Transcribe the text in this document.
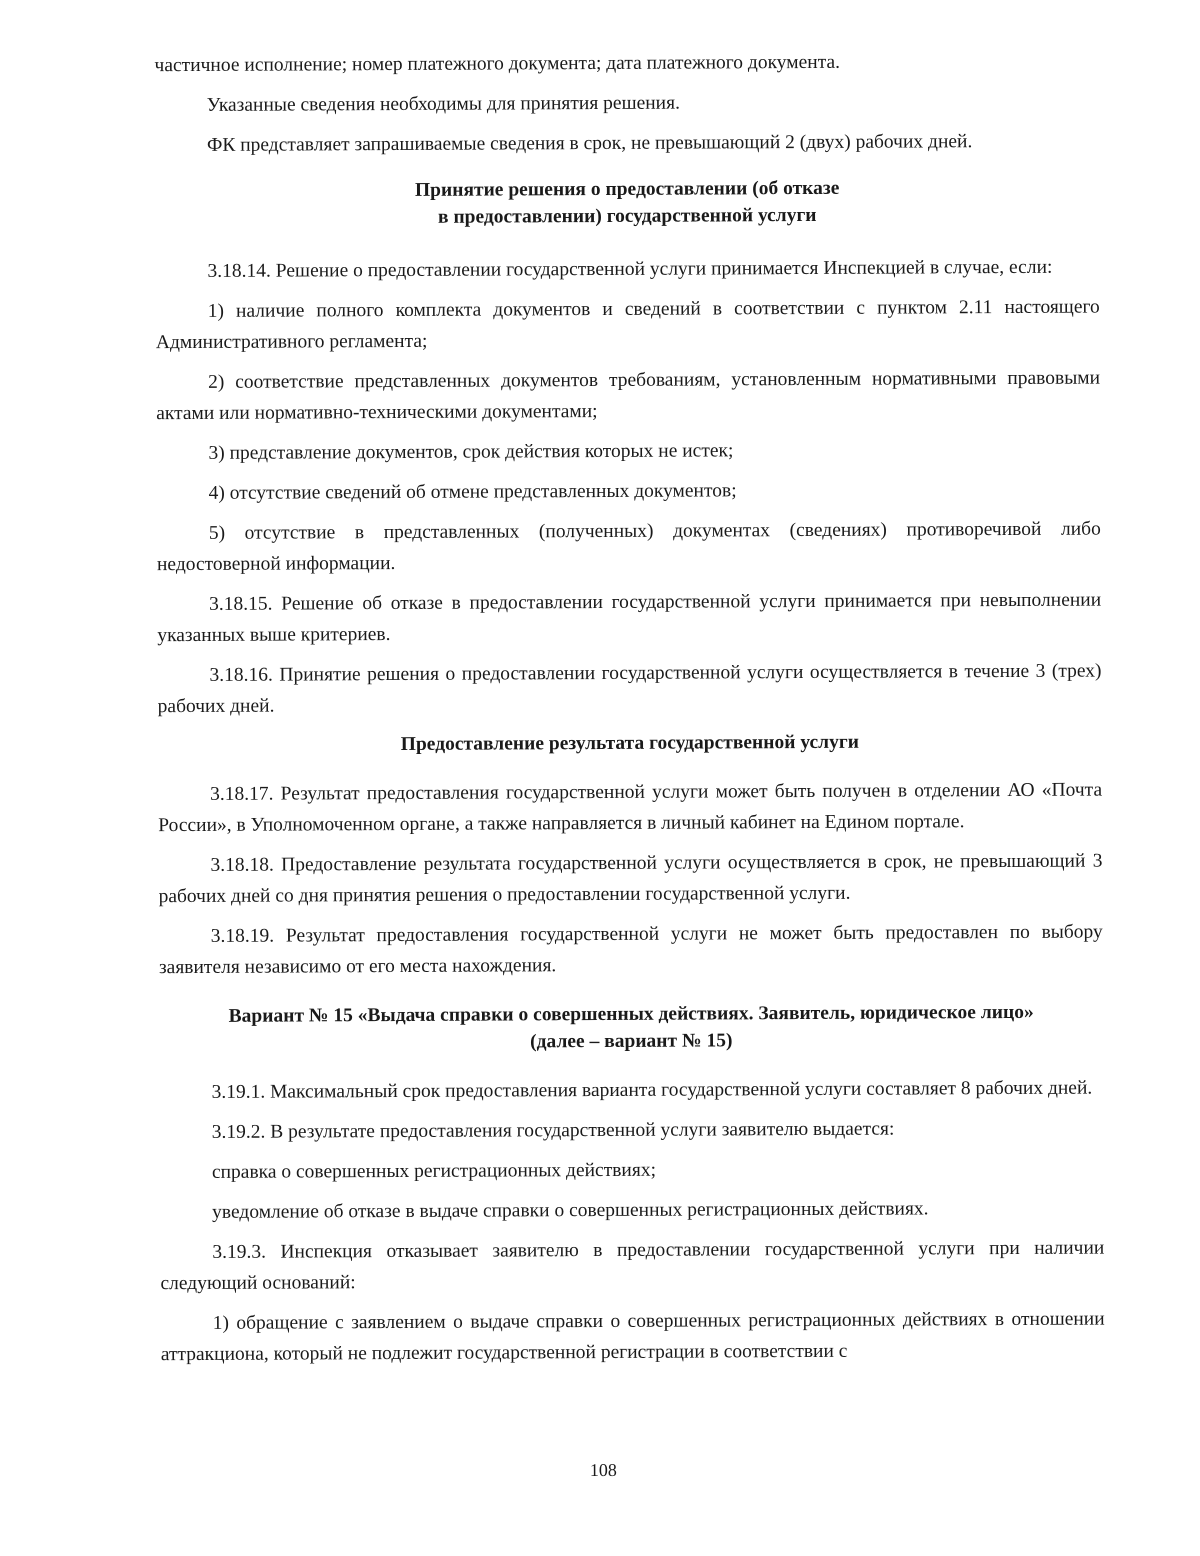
частичное исполнение; номер платежного документа; дата платежного документа.

Указанные сведения необходимы для принятия решения.

ФК представляет запрашиваемые сведения в срок, не превышающий 2 (двух) рабочих дней.

Принятие решения о предоставлении (об отказе
в предоставлении) государственной услуги

3.18.14. Решение о предоставлении государственной услуги принимается Инспекцией в случае, если:

1) наличие полного комплекта документов и сведений в соответствии с пунктом 2.11 настоящего Административного регламента;

2) соответствие представленных документов требованиям, установленным нормативными правовыми актами или нормативно-техническими документами;

3) представление документов, срок действия которых не истек;

4) отсутствие сведений об отмене представленных документов;

5) отсутствие в представленных (полученных) документах (сведениях) противоречивой либо недостоверной информации.

3.18.15. Решение об отказе в предоставлении государственной услуги принимается при невыполнении указанных выше критериев.

3.18.16. Принятие решения о предоставлении государственной услуги осуществляется в течение 3 (трех) рабочих дней.

Предоставление результата государственной услуги

3.18.17. Результат предоставления государственной услуги может быть получен в отделении АО «Почта России», в Уполномоченном органе, а также направляется в личный кабинет на Едином портале.

3.18.18. Предоставление результата государственной услуги осуществляется в срок, не превышающий 3 рабочих дней со дня принятия решения о предоставлении государственной услуги.

3.18.19. Результат предоставления государственной услуги не может быть предоставлен по выбору заявителя независимо от его места нахождения.

Вариант № 15 «Выдача справки о совершенных действиях. Заявитель, юридическое лицо»
(далее – вариант № 15)

3.19.1. Максимальный срок предоставления варианта государственной услуги составляет 8 рабочих дней.

3.19.2. В результате предоставления государственной услуги заявителю выдается:

справка о совершенных регистрационных действиях;

уведомление об отказе в выдаче справки о совершенных регистрационных действиях.

3.19.3. Инспекция отказывает заявителю в предоставлении государственной услуги при наличии следующий оснований:

1) обращение с заявлением о выдаче справки о совершенных регистрационных действиях в отношении аттракциона, который не подлежит государственной регистрации в соответствии с

108
